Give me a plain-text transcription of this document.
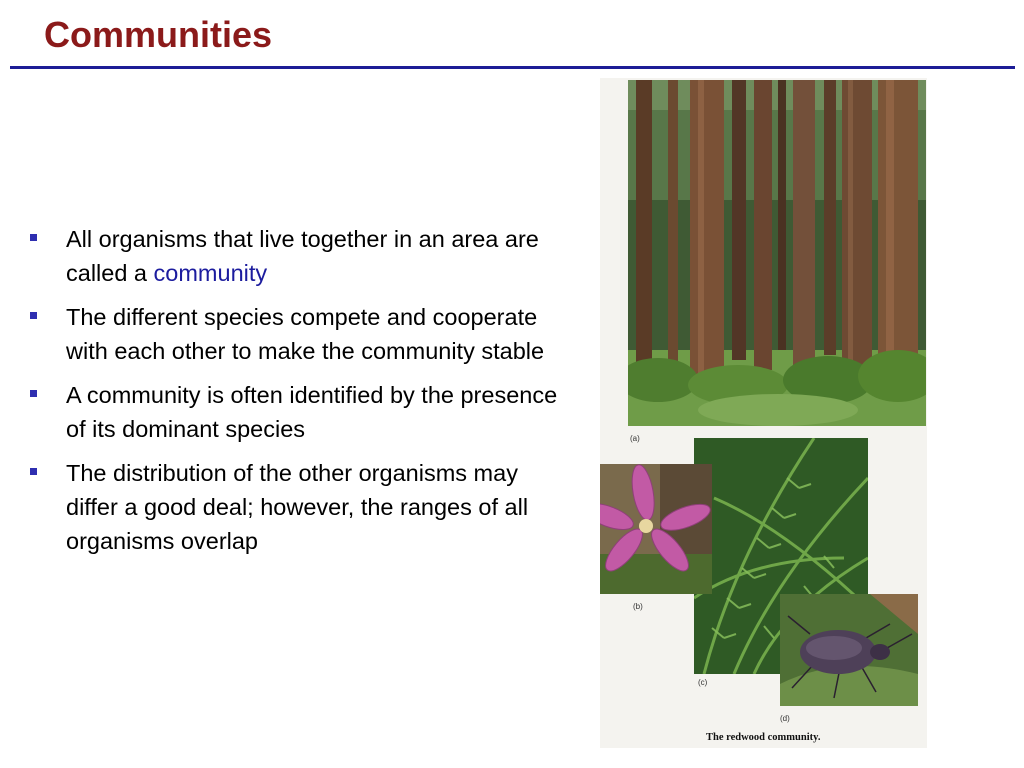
Communities
All organisms that live together in an area are called a community
The different species compete and cooperate with each other to make the community stable
A community is often identified by the presence of its dominant species
The distribution of the other organisms may differ a good deal; however, the ranges of all organisms overlap
(a)
(b)
(c)
(d)
The redwood community.
